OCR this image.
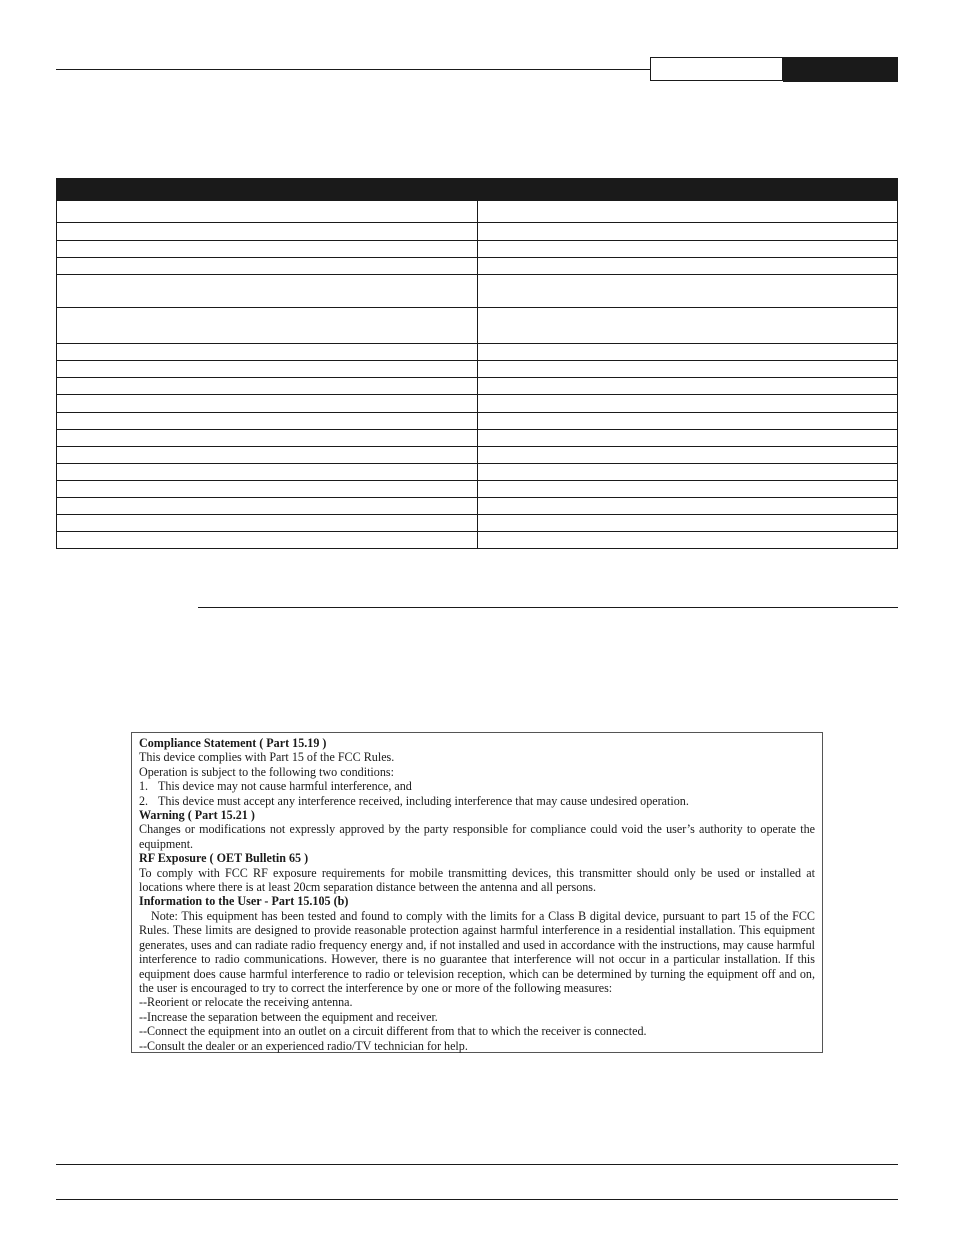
Compliance Statement ( Part 15.19 )

This device complies with Part 15 of the FCC Rules.

Operation is subject to the following two conditions:

1. This device may not cause harmful interference, and

2. This device must accept any interference received, including interference that may cause undesired operation.

Warning ( Part 15.21 )

Changes or modifications not expressly approved by the party responsible for compliance could void the user’s authority to operate the equipment.

RF Exposure ( OET Bulletin 65 )

To comply with FCC RF exposure requirements for mobile transmitting devices, this transmitter should only be used or installed at locations where there is at least 20cm separation distance between the antenna and all persons.

Information to the User - Part 15.105 (b)

Note: This equipment has been tested and found to comply with the limits for a Class B digital device, pursuant to part 15 of the FCC Rules. These limits are designed to provide reasonable protection against harmful interference in a residential installation. This equipment generates, uses and can radiate radio frequency energy and, if not installed and used in accordance with the instructions, may cause harmful interference to radio communications. However, there is no guarantee that interference will not occur in a particular installation. If this equipment does cause harmful interference to radio or television reception, which can be determined by turning the equipment off and on, the user is encouraged to try to correct the interference by one or more of the following measures:

--Reorient or relocate the receiving antenna.

--Increase the separation between the equipment and receiver.

--Connect the equipment into an outlet on a circuit different from that to which the receiver is connected.

--Consult the dealer or an experienced radio/TV technician for help.
